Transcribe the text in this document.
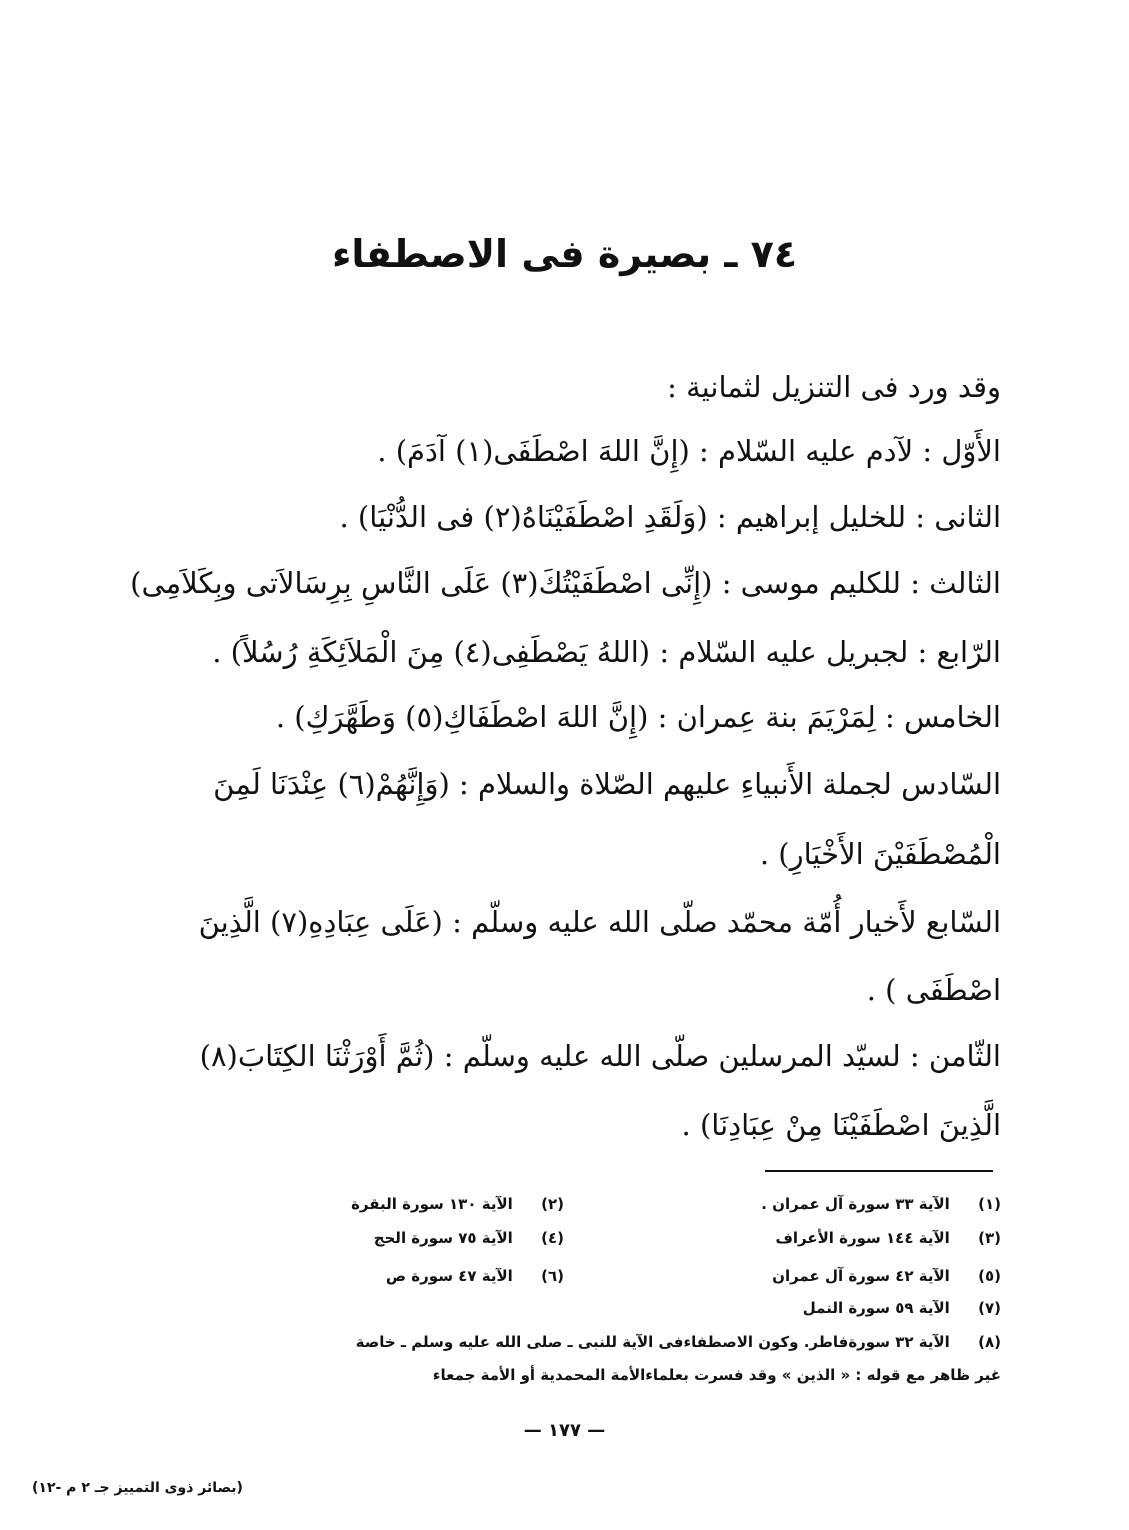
٧٤ ـ بصيرة فى الاصطفاء
وقد ورد فى التنزيل لثمانية :
الأَوّل : لآدم عليه السّلام : (إِنَّ اللهَ اصْطَفَى(١) آدَمَ) .
الثانى : للخليل إبراهيم : (وَلَقَدِ اصْطَفَيْنَاهُ(٢) فى الدُّنْيَا) .
الثالث : للكليم موسى : (إِنِّى اصْطَفَيْتُكَ(٣) عَلَى النَّاسِ بِرِسَالاَتى وبِكَلاَمِى)
الرّابع : لجبريل عليه السّلام : (اللهُ يَصْطَفِى(٤) مِنَ الْمَلاَئِكَةِ رُسُلاً) .
الخامس : لِمَرْيَمَ بنة عِمران : (إِنَّ اللهَ اصْطَفَاكِ(٥) وَطَهَّرَكِ) .
السّادس لجملة الأَنبياءِ عليهم الصّلاة والسلام : (وَإِنَّهُمْ(٦) عِنْدَنَا لَمِنَ
الْمُصْطَفَيْنَ الأَخْيَارِ) .
السّابع لأَخيار أُمّة محمّد صلّى الله عليه وسلّم : (عَلَى عِبَادِهِ(٧) الَّذِينَ
اصْطَفَى ) .
الثّامن : لسيّد المرسلين صلّى الله عليه وسلّم : (ثُمَّ أَوْرَثْنَا الكِتَابَ(٨)
الَّذِينَ اصْطَفَيْنَا مِنْ عِبَادِنَا) .
(١) الآية ٣٣ سورة آل عمران .
(٣) الآية ١٤٤ سورة الأعراف
(٥) الآية ٤٢ سورة آل عمران
(٧) الآية ٥٩ سورة النمل
(٢) الآية ١٣٠ سورة البقرة
(٤) الآية ٧٥ سورة الحج
(٦) الآية ٤٧ سورة ص
(٨) الآية ٣٢ سورةفاطر. وكون الاصطفاءفى الآية للنبى ـ صلى الله عليه وسلم ـ خاصة
غير ظاهر مع قوله : « الذين » وقد فسرت بعلماءالأمة المحمدية أو الأمة جمعاء
— ١٧٧ —
(بصائر ذوى التمييز جـ ٢ م -١٢)
